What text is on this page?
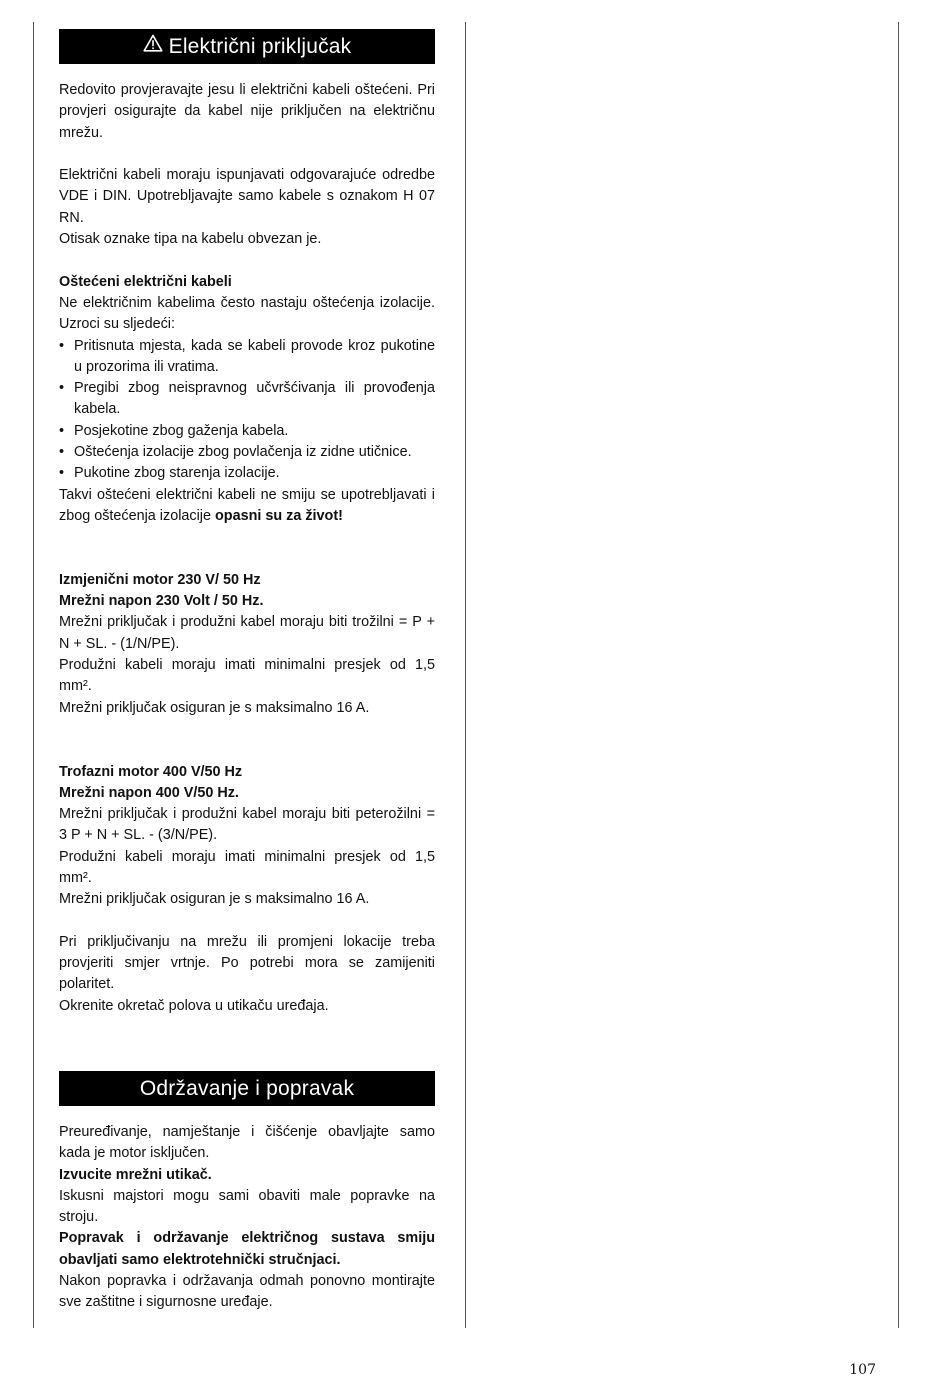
Električni priključak

Redovito provjeravajte jesu li električni kabeli oštećeni. Pri provjeri osigurajte da kabel nije priključen na električnu mrežu.

Električni kabeli moraju ispunjavati odgovarajuće odredbe VDE i DIN. Upotrebljavajte samo kabele s oznakom H 07 RN.

Otisak oznake tipa na kabelu obvezan je.

Oštećeni električni kabeli

Ne električnim kabelima često nastaju oštećenja izolacije. Uzroci su sljedeći:

• Pritisnuta mjesta, kada se kabeli provode kroz pukotine u prozorima ili vratima.
• Pregibi zbog neispravnog učvršćivanja ili provođenja kabela.
• Posjekotine zbog gaženja kabela.
• Oštećenja izolacije zbog povlačenja iz zidne utičnice.
• Pukotine zbog starenja izolacije.

Takvi oštećeni električni kabeli ne smiju se upotrebljavati i zbog oštećenja izolacije opasni su za život!

Izmjenični motor 230 V/ 50 Hz

Mrežni napon 230 Volt / 50 Hz.

Mrežni priključak i produžni kabel moraju biti trožilni = P + N + SL. - (1/N/PE).

Produžni kabeli moraju imati minimalni presjek od 1,5 mm².

Mrežni priključak osiguran je s maksimalno 16 A.

Trofazni motor 400 V/50 Hz

Mrežni napon 400 V/50 Hz.

Mrežni priključak i produžni kabel moraju biti peterožilni = 3 P + N + SL. - (3/N/PE).

Produžni kabeli moraju imati minimalni presjek od 1,5 mm².

Mrežni priključak osiguran je s maksimalno 16 A.

Pri priključivanju na mrežu ili promjeni lokacije treba provjeriti smjer vrtnje. Po potrebi mora se zamijeniti polaritet.

Okrenite okretač polova u utikaču uređaja.

Održavanje i popravak

Preuređivanje, namještanje i čišćenje obavljajte samo kada je motor isključen.

Izvucite mrežni utikač.

Iskusni majstori mogu sami obaviti male popravke na stroju.

Popravak i održavanje električnog sustava smiju obavljati samo elektrotehnički stručnjaci.

Nakon popravka i održavanja odmah ponovno montirajte sve zaštitne i sigurnosne uređaje.

107
